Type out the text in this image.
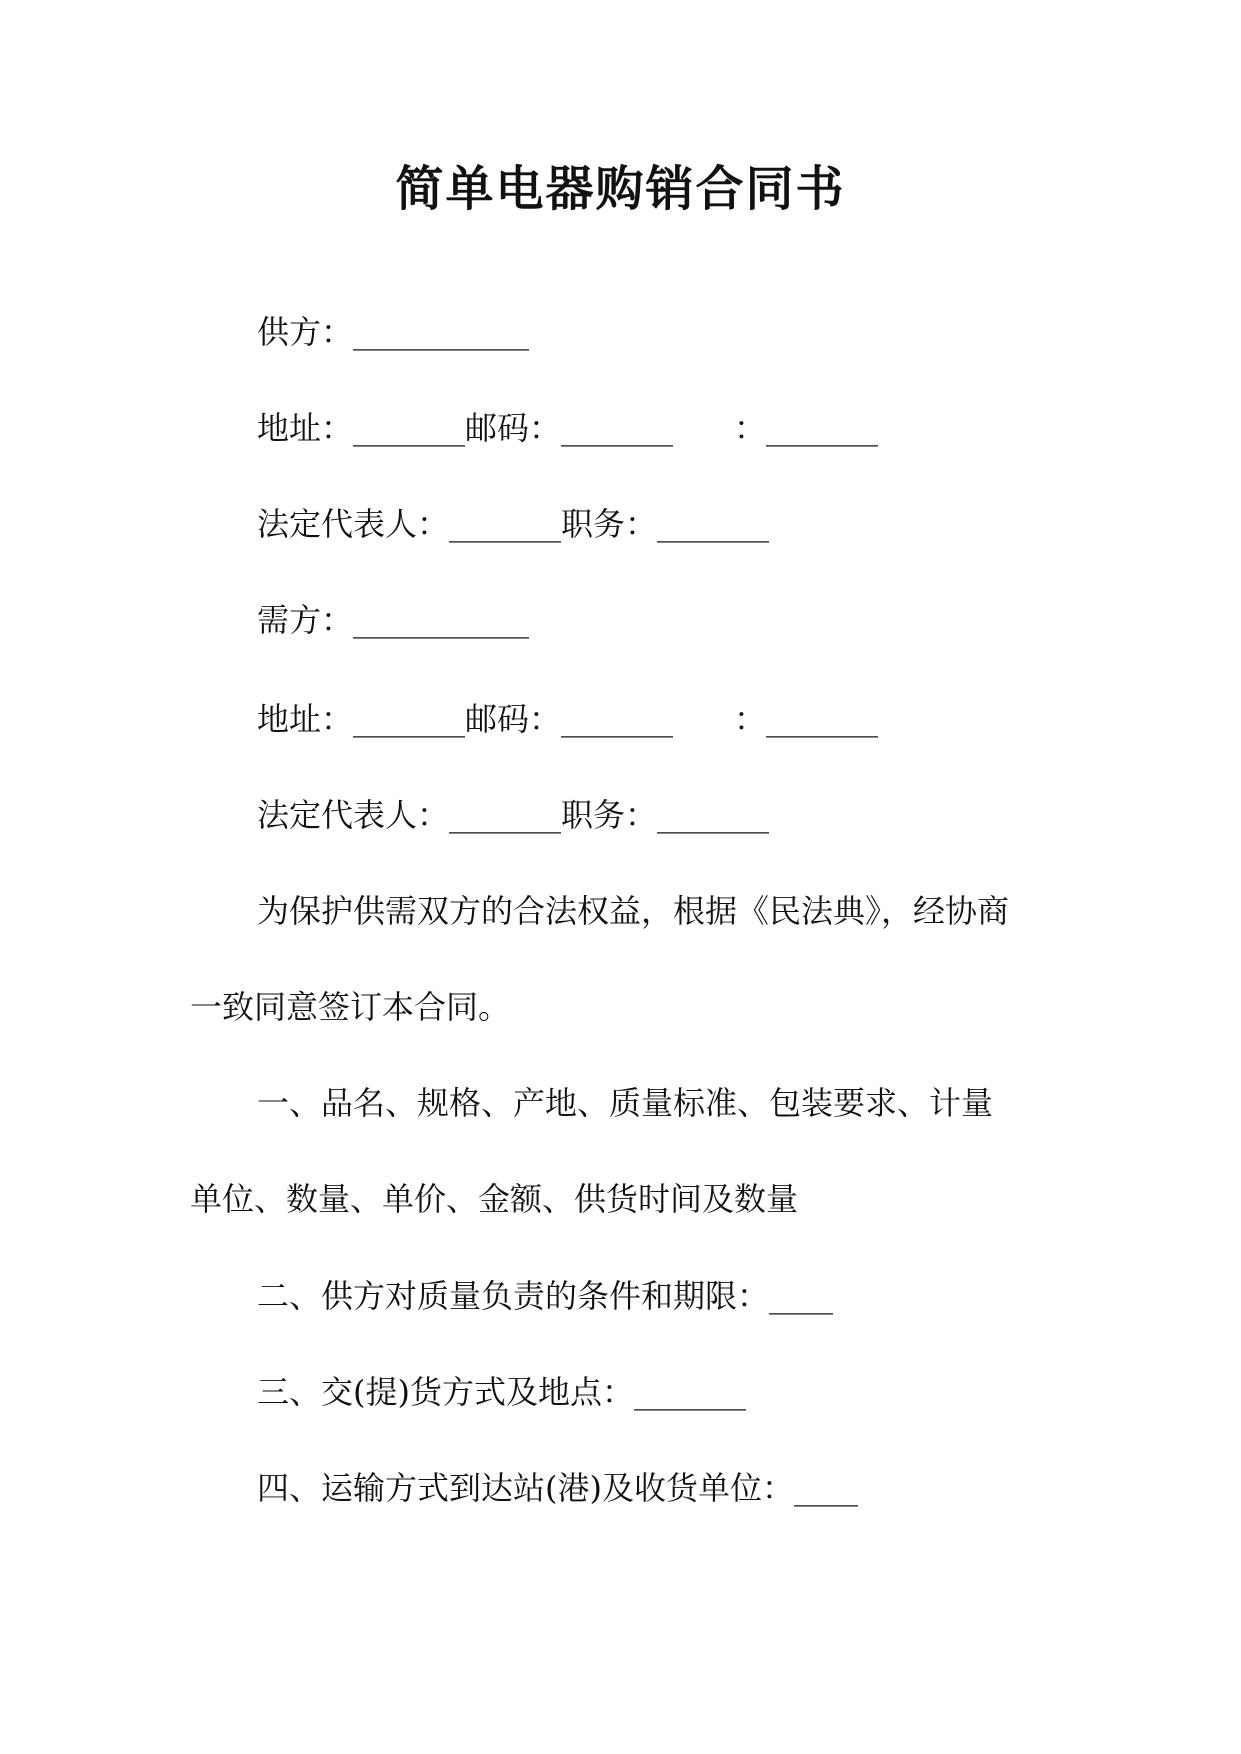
简单电器购销合同书
供方：___________
地址：_______邮码：_______      ：_______
法定代表人：_______职务：_______
需方：___________
地址：_______邮码：_______      ：_______
法定代表人：_______职务：_______
为保护供需双方的合法权益，根据《民法典》，经协商
一致同意签订本合同。
一、品名、规格、产地、质量标准、包装要求、计量
单位、数量、单价、金额、供货时间及数量
二、供方对质量负责的条件和期限：____
三、交(提)货方式及地点：_______
四、运输方式到达站(港)及收货单位：____
